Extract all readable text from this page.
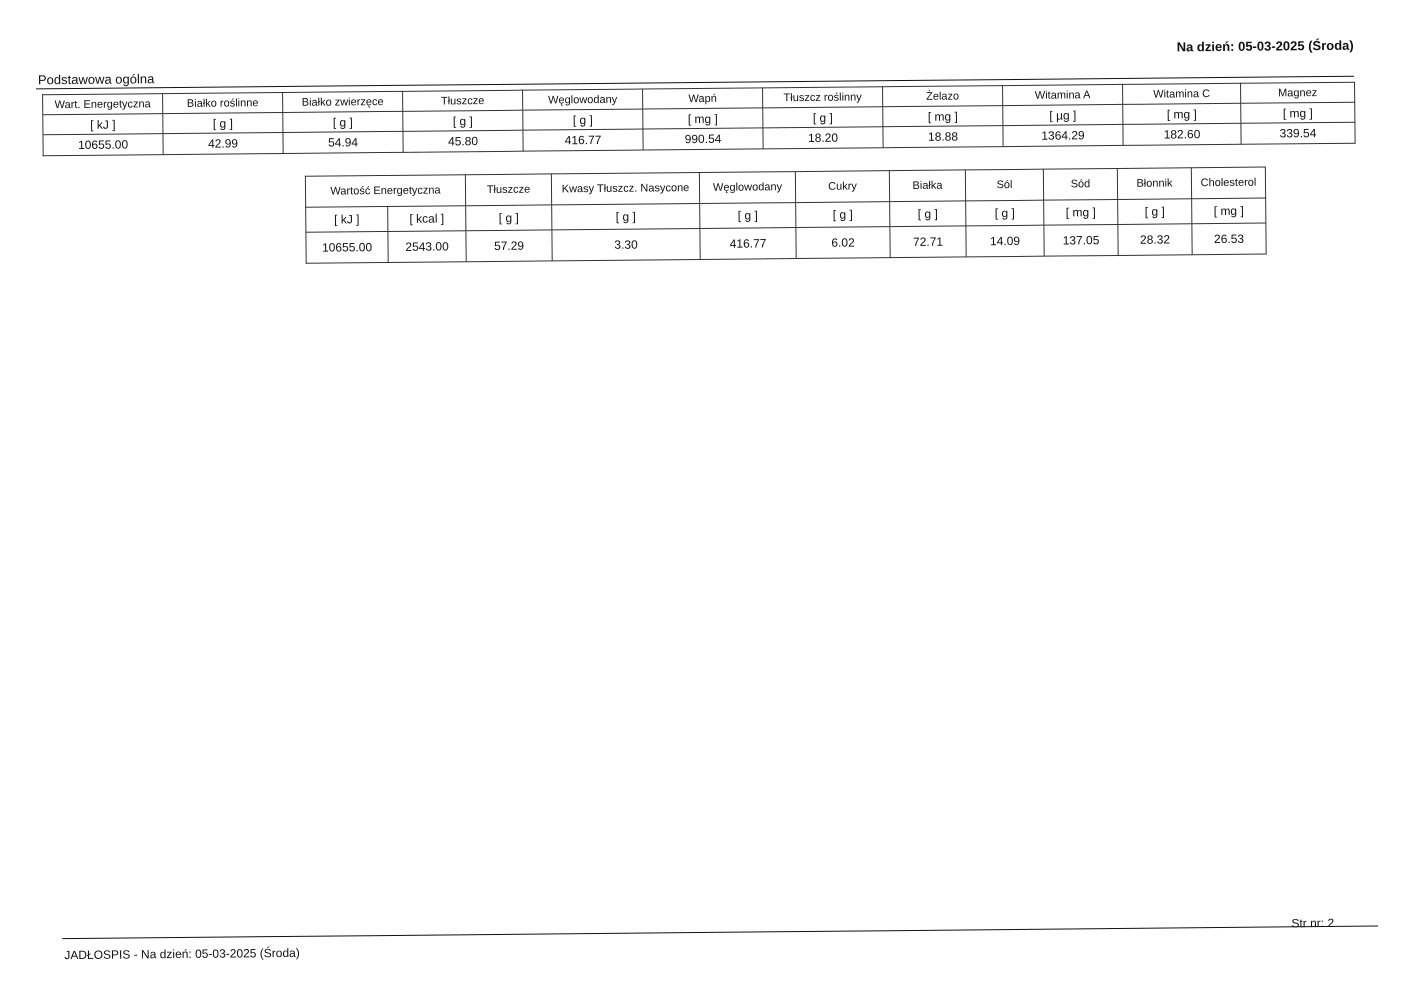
Na dzień: 05-03-2025 (Środa)
Podstawowa ogólna
Wart. Energetyczna	Białko roślinne	Białko zwierzęce	Tłuszcze	Węglowodany	Wapń	Tłuszcz roślinny	Żelazo	Witamina A	Witamina C	Magnez
[ kJ ]	[ g ]	[ g ]	[ g ]	[ g ]	[ mg ]	[ g ]	[ mg ]	[ µg ]	[ mg ]	[ mg ]
10655.00	42.99	54.94	45.80	416.77	990.54	18.20	18.88	1364.29	182.60	339.54
Wartość Energetyczna		Tłuszcze	Kwasy Tłuszcz. Nasycone	Węglowodany	Cukry	Białka	Sól	Sód	Błonnik	Cholesterol
[ kJ ]	[ kcal ]	[ g ]	[ g ]	[ g ]	[ g ]	[ g ]	[ g ]	[ mg ]	[ g ]	[ mg ]
10655.00	2543.00	57.29	3.30	416.77	6.02	72.71	14.09	137.05	28.32	26.53
JADŁOSPIS - Na dzień: 05-03-2025 (Środa)
Str nr: 2
